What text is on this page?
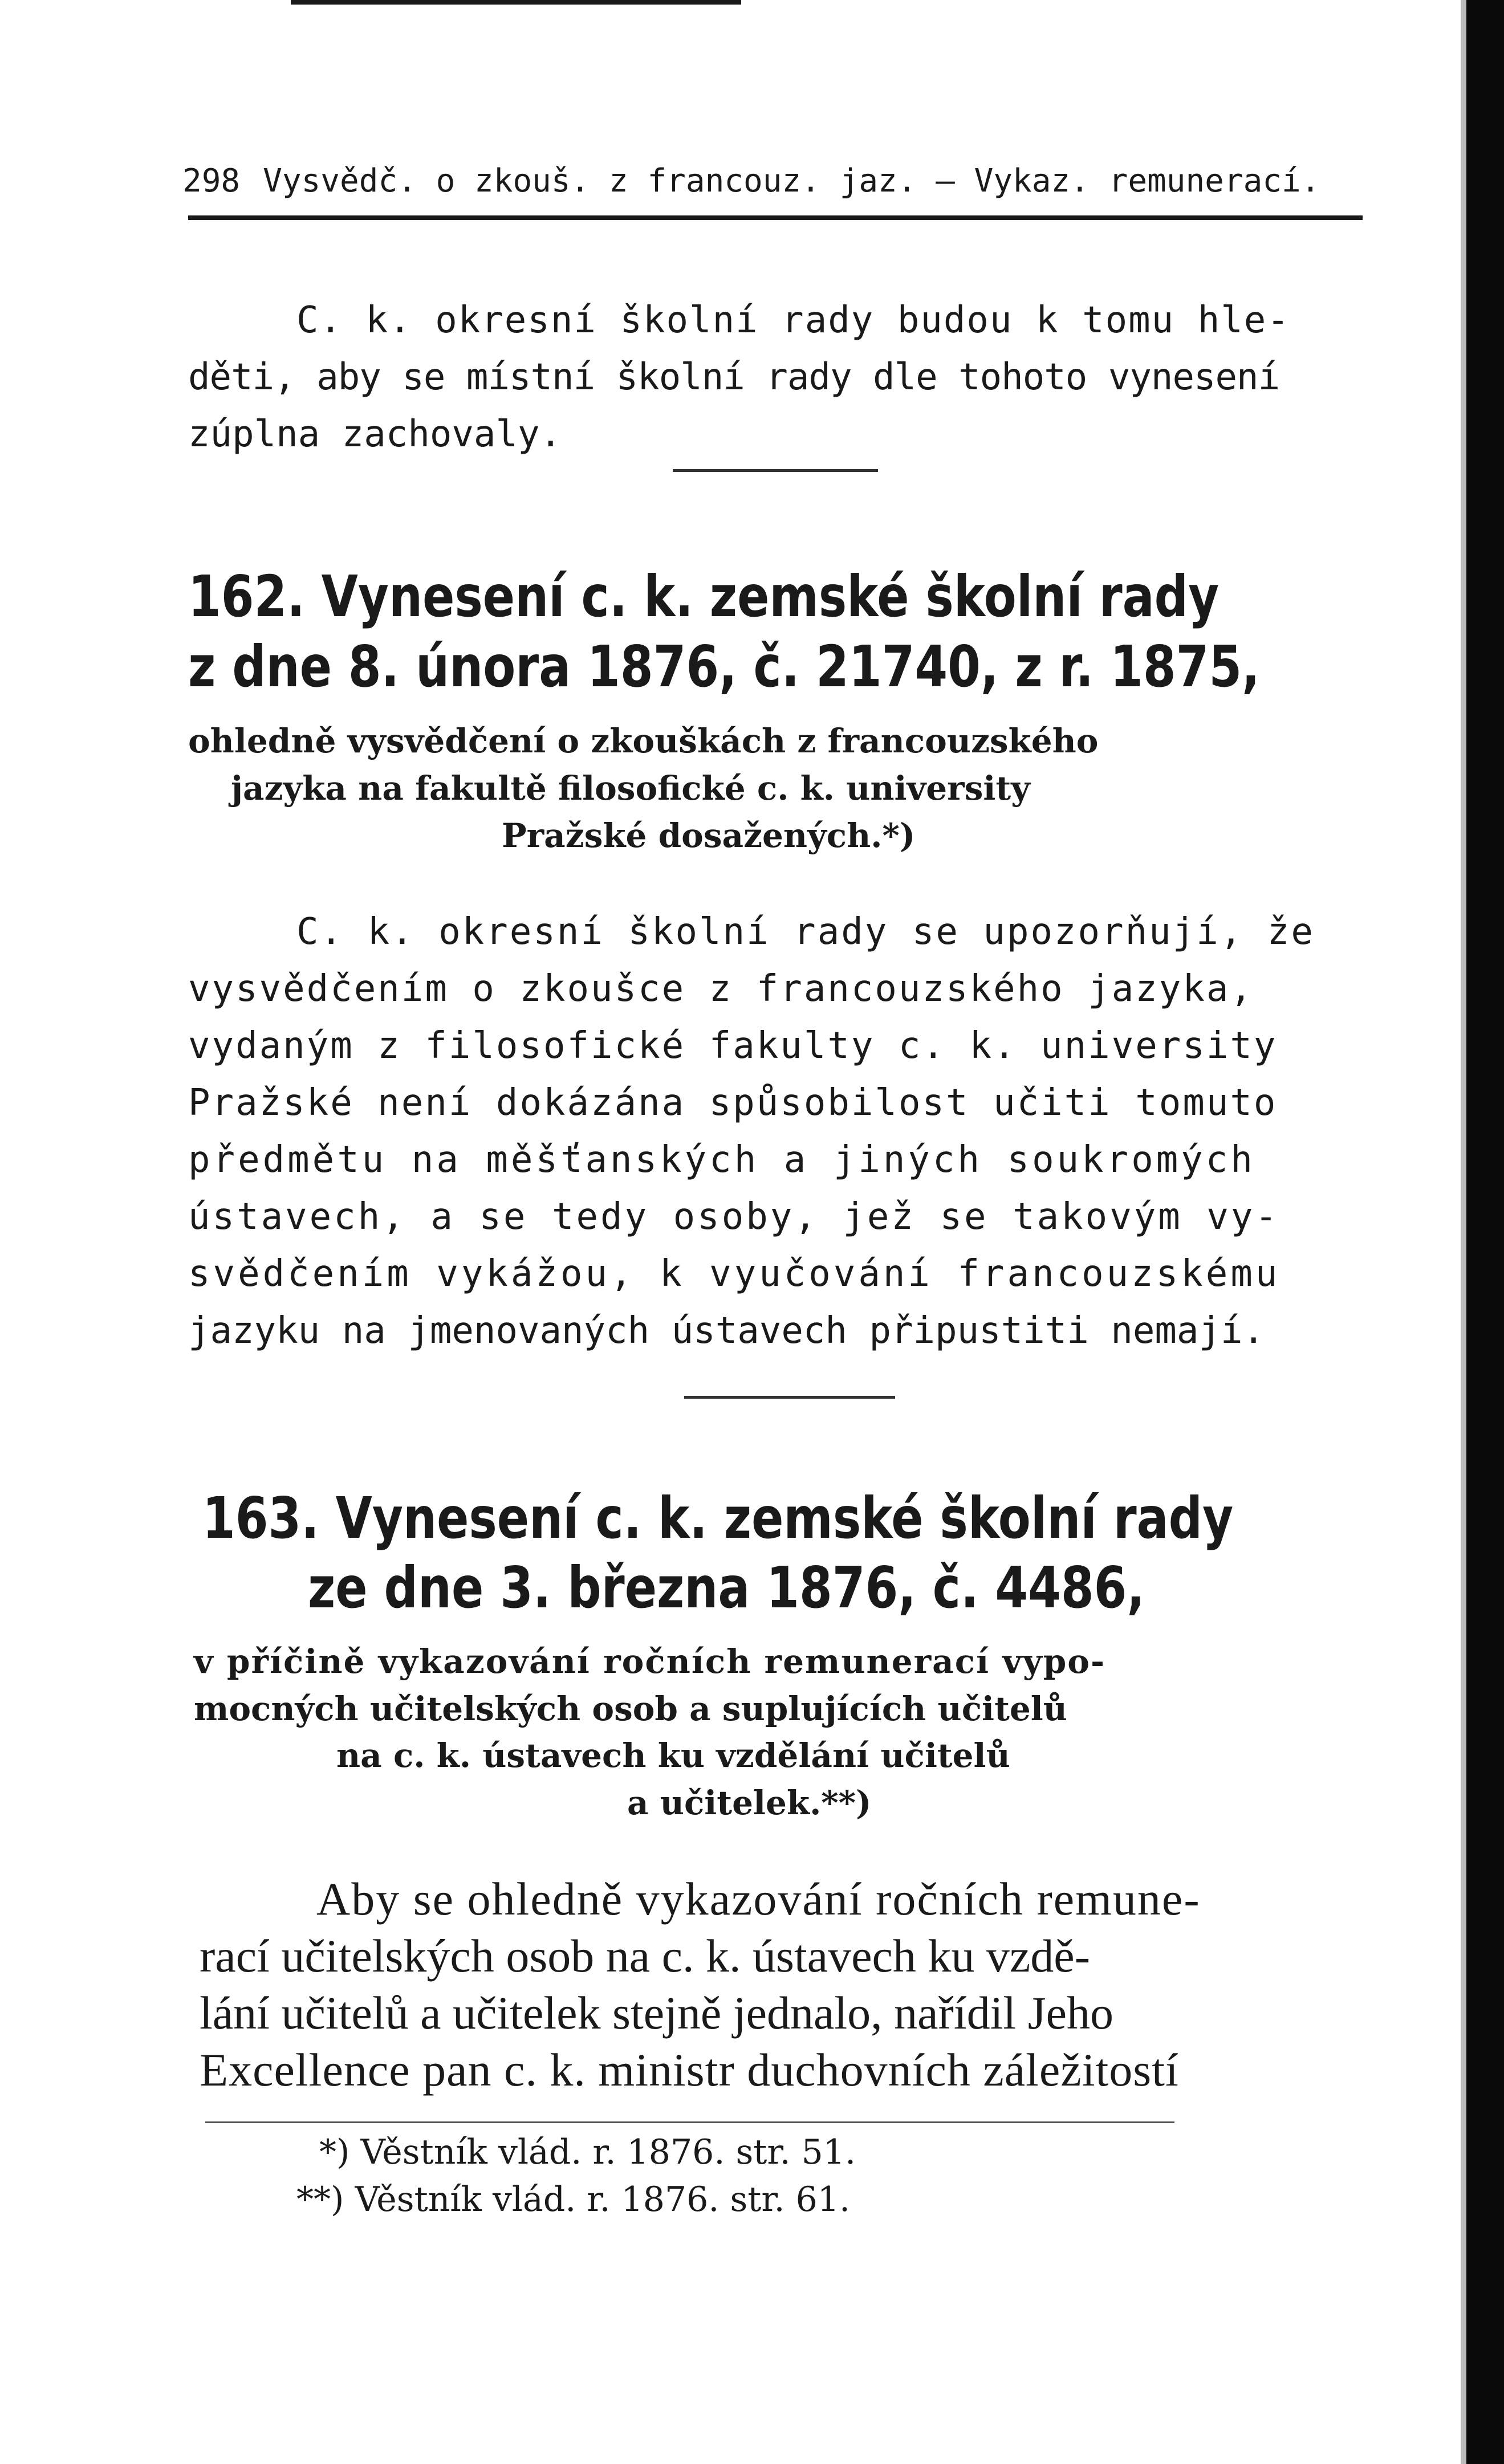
298 Vysvědč. o zkouš. z francouz. jaz. — Vykaz. remunerací.
C. k. okresní školní rady budou k tomu hle-
děti, aby se místní školní rady dle tohoto vynesení
zúplna zachovaly.
162. Vynesení c. k. zemské školní rady
z dne 8. února 1876, č. 21740, z r. 1875,
ohledně vysvědčení o zkouškách z francouzského
jazyka na fakultě filosofické c. k. university
Pražské dosažených.*)
C. k. okresní školní rady se upozorňují, že
vysvědčením o zkoušce z francouzského jazyka,
vydaným z filosofické fakulty c. k. university
Pražské není dokázána spůsobilost učiti tomuto
předmětu na měšťanských a jiných soukromých
ústavech, a se tedy osoby, jež se takovým vy-
svědčením vykážou, k vyučování francouzskému
jazyku na jmenovaných ústavech připustiti nemají.
163. Vynesení c. k. zemské školní rady
ze dne 3. března 1876, č. 4486,
v příčině vykazování ročních remunerací vypo-
mocných učitelských osob a suplujících učitelů
na c. k. ústavech ku vzdělání učitelů
a učitelek.**)
Aby se ohledně vykazování ročních remune-
rací učitelských osob na c. k. ústavech ku vzdě-
lání učitelů a učitelek stejně jednalo, nařídil Jeho
Excellence pan c. k. ministr duchovních záležitostí
*) Věstník vlád. r. 1876. str. 51.
**) Věstník vlád. r. 1876. str. 61.
